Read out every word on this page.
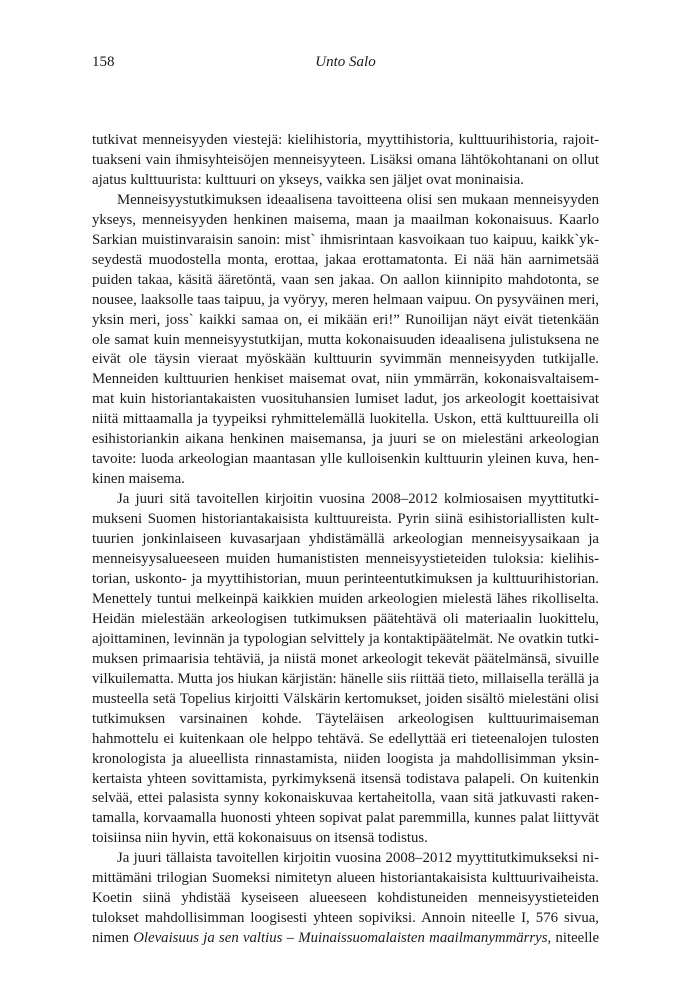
158	Unto Salo

tutkivat menneisyyden viestejä: kielihistoria, myyttihistoria, kulttuurihistoria, rajoittuakseni vain ihmisyhteisöjen menneisyyteen. Lisäksi omana lähtökohtanani on ollut ajatus kulttuurista: kulttuuri on ykseys, vaikka sen jäljet ovat moninaisia.

Menneisyystutkimuksen ideaalisena tavoitteena olisi sen mukaan menneisyyden ykseys, menneisyyden henkinen maisema, maan ja maailman kokonaisuus. Kaarlo Sarkian muistinvaraisin sanoin: mist` ihmisrintaan kasvoikaan tuo kaipuu, kaikk`ykseydestä muodostella monta, erottaa, jakaa erottamatonta. Ei nää hän aarnimetsää puiden takaa, käsitä ääretöntä, vaan sen jakaa. On aallon kiinnipito mahdotonta, se nousee, laaksolle taas taipuu, ja vyöryy, meren helmaan vaipuu. On pysyväinen meri, yksin meri, joss` kaikki samaa on, ei mikään eri!” Runoilijan näyt eivät tietenkään ole samat kuin menneisyystutkijan, mutta kokonaisuuden ideaalisena julistuksena ne eivät ole täysin vieraat myöskään kulttuurin syvimmän menneisyyden tutkijalle. Menneiden kulttuurien henkiset maisemat ovat, niin ymmärrän, kokonaisvaltaisemmat kuin historiantakaisten vuosituhansien lumiset ladut, jos arkeologit koettaisivat niitä mittaamalla ja tyypeiksi ryhmittelemällä luokitella. Uskon, että kulttuureilla oli esihistoriankin aikana henkinen maisemansa, ja juuri se on mielestäni arkeologian tavoite: luoda arkeologian maantasan ylle kulloisenkin kulttuurin yleinen kuva, henkinen maisema.

Ja juuri sitä tavoitellen kirjoitin vuosina 2008–2012 kolmiosaisen myyttitutkimukseni Suomen historiantakaisista kulttuureista. Pyrin siinä esihistoriallisten kulttuurien jonkinlaiseen kuvasarjaan yhdistämällä arkeologian menneisyysaikaan ja menneisyysalueeseen muiden humanististen menneisyystieteiden tuloksia: kielihistorian, uskonto- ja myyttihistorian, muun perinteentutkimuksen ja kulttuurihistorian. Menettely tuntui melkeinpä kaikkien muiden arkeologien mielestä lähes rikolliselta. Heidän mielestään arkeologisen tutkimuksen päätehtävä oli materiaalin luokittelu, ajoittaminen, levinnän ja typologian selvittely ja kontaktipäätelmät. Ne ovatkin tutkimuksen primaarisia tehtäviä, ja niistä monet arkeologit tekevät päätelmänsä, sivuille vilkuilematta. Mutta jos hiukan kärjistän: hänelle siis riittää tieto, millaisella terällä ja musteella setä Topelius kirjoitti Välskärin kertomukset, joiden sisältö mielestäni olisi tutkimuksen varsinainen kohde. Täyteläisen arkeologisen kulttuurimaiseman hahmottelu ei kuitenkaan ole helppo tehtävä. Se edellyttää eri tieteenalojen tulosten kronologista ja alueellista rinnastamista, niiden loogista ja mahdollisimman yksinkertaista yhteen sovittamista, pyrkimyksenä itsensä todistava palapeli. On kuitenkin selvää, ettei palasista synny kokonaiskuvaa kertaheitolla, vaan sitä jatkuvasti rakentamalla, korvaamalla huonosti yhteen sopivat palat paremmilla, kunnes palat liittyvät toisiinsa niin hyvin, että kokonaisuus on itsensä todistus.

Ja juuri tällaista tavoitellen kirjoitin vuosina 2008–2012 myyttitutkimukseksi nimittämäni trilogian Suomeksi nimitetyn alueen historiantakaisista kulttuurivaiheista. Koetin siinä yhdistää kyseiseen alueeseen kohdistuneiden menneisyystieteiden tulokset mahdollisimman loogisesti yhteen sopiviksi. Annoin niteelle I, 576 sivua, nimen Olevaisuus ja sen valtius – Muinaissuomalaisten maailmanymmärrys, niteelle
